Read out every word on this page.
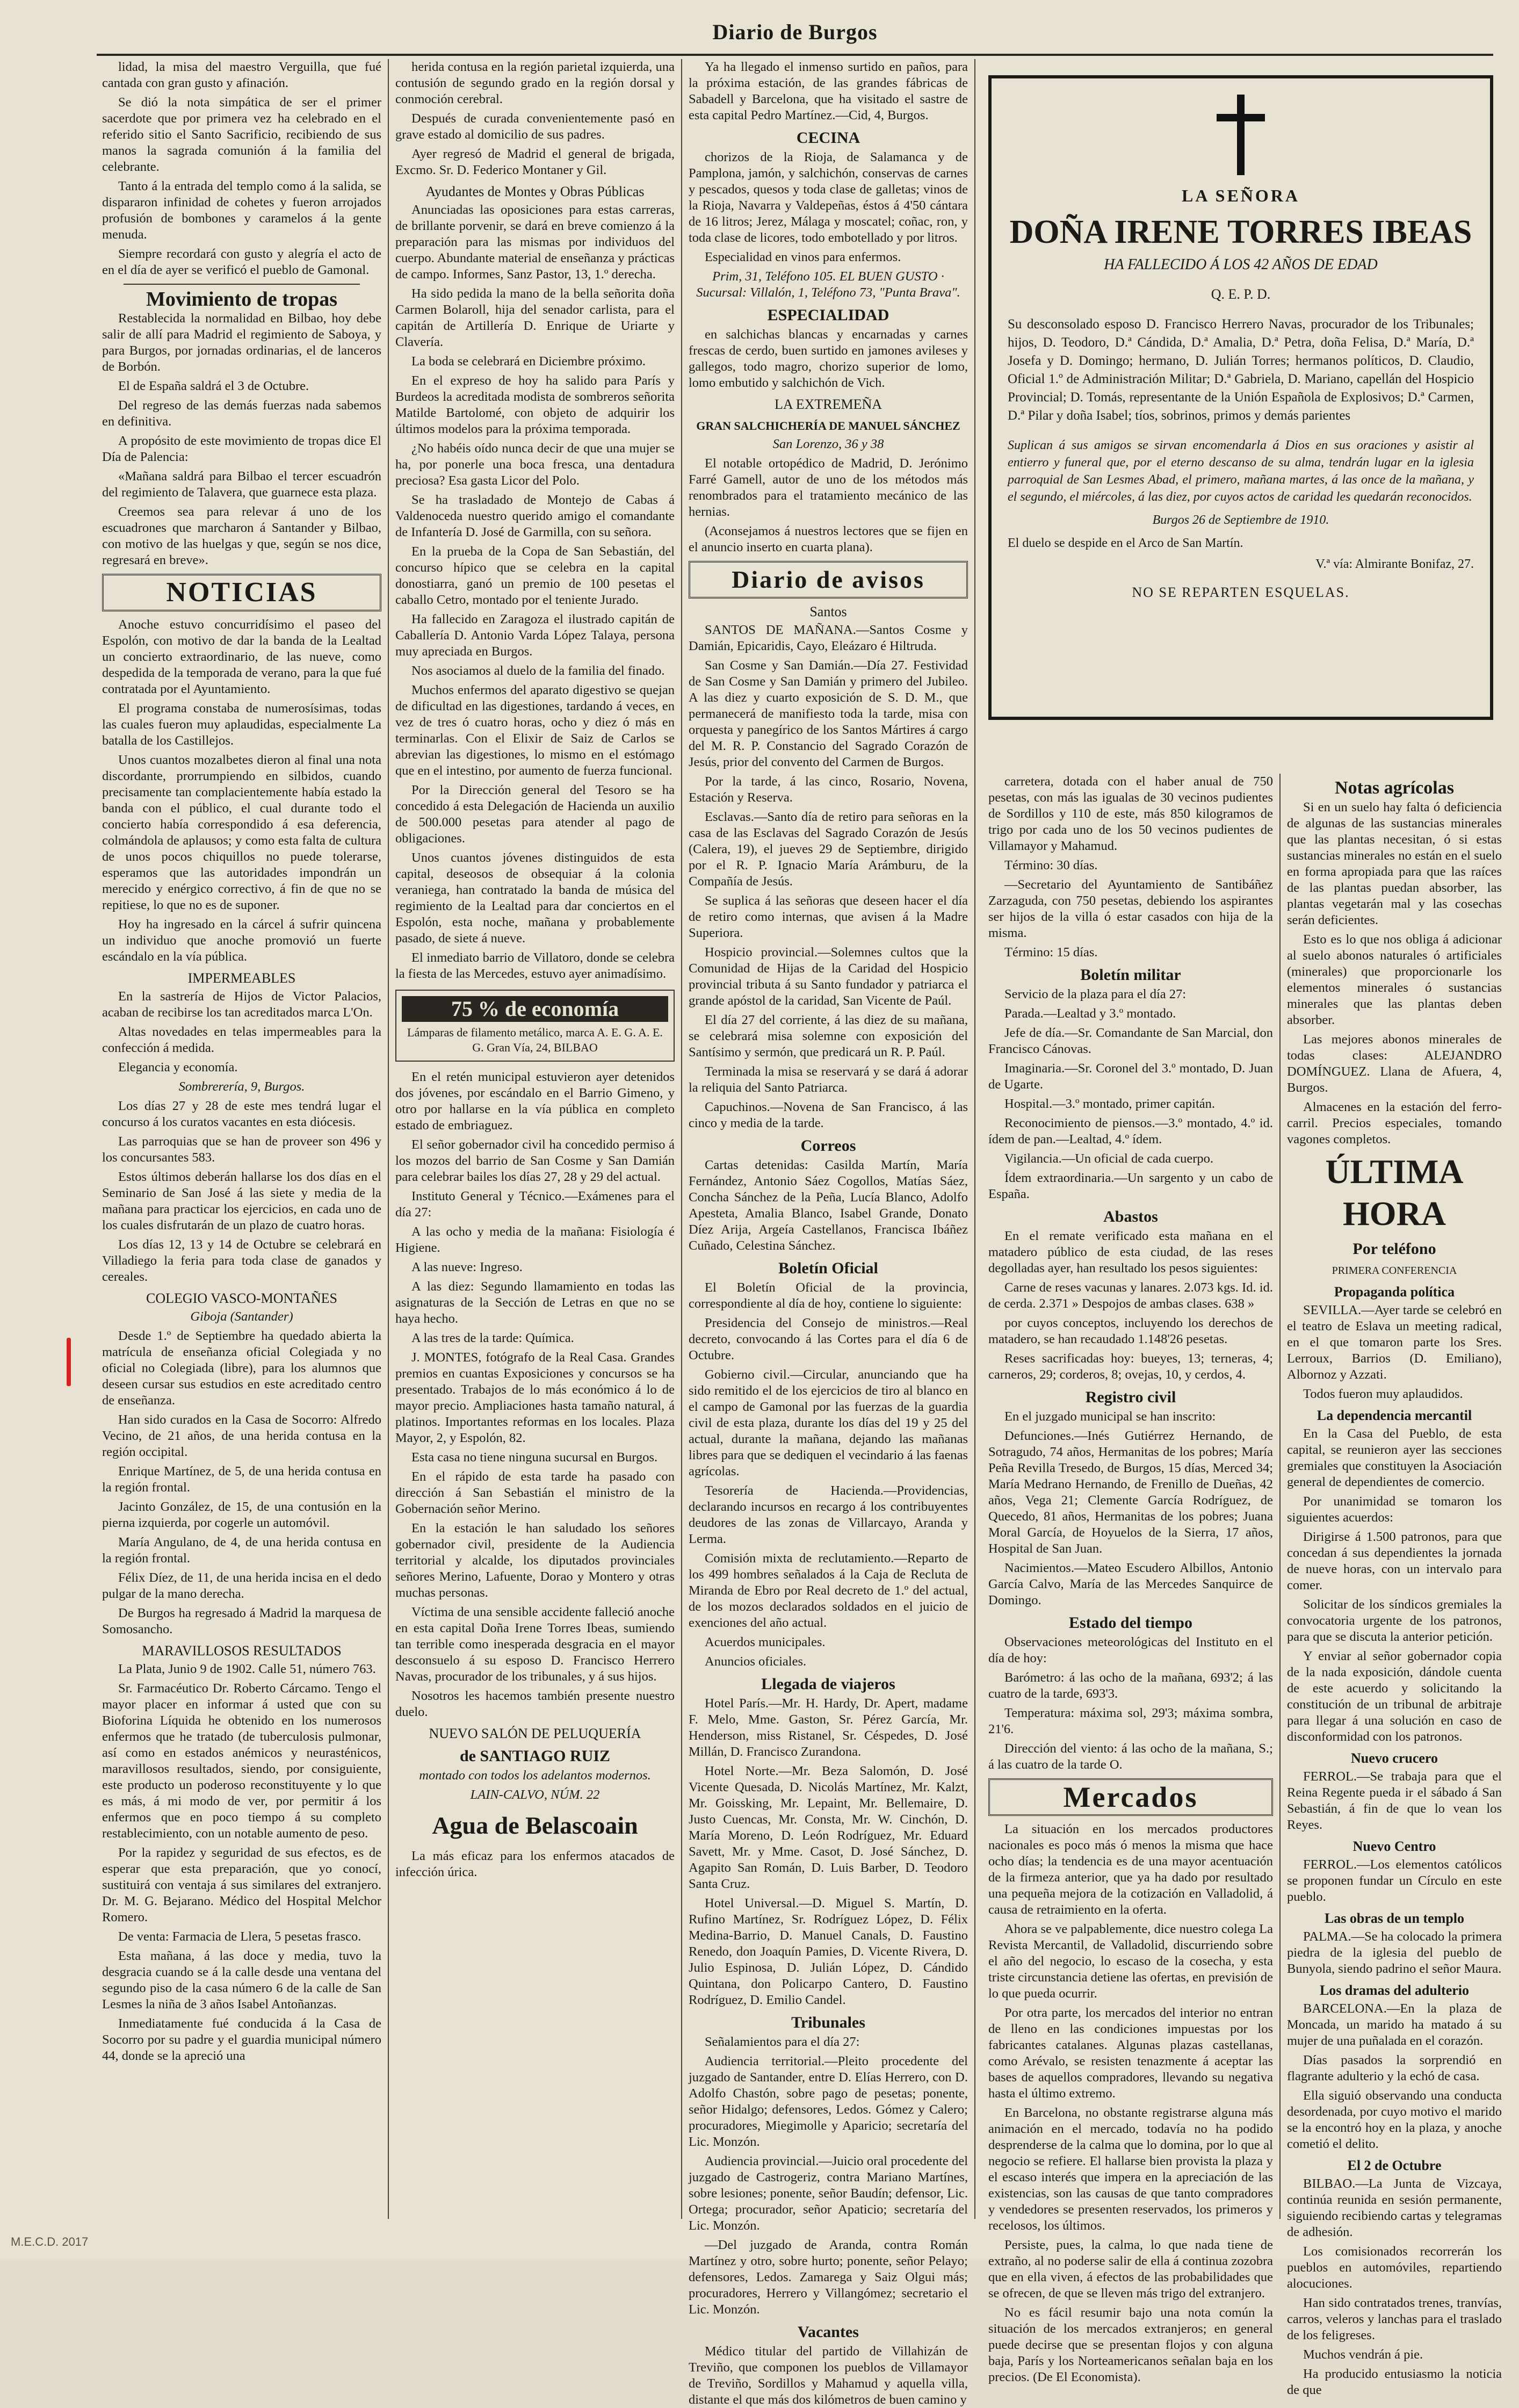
Diario de Burgos

lidad, la misa del maestro Verguilla, que fué cantada con gran gusto y afinación.

Se dió la nota simpática de ser el primer sacerdote que por primera vez ha celebrado en el referido sitio el Santo Sacrificio, recibiendo de sus manos la sagrada comunión á la familia del celebrante.

Tanto á la entrada del templo como á la salida, se dispararon infinidad de cohetes y fueron arrojados profusión de bombones y caramelos á la gente menuda.

Siempre recordará con gusto y alegría el acto de en el día de ayer se verificó el pueblo de Gamonal.

Movimiento de tropas

Restablecida la normalidad en Bilbao, hoy debe salir de allí para Madrid el regimiento de Saboya, y para Burgos, por jornadas ordinarias, el de lanceros de Borbón.

El de España saldrá el 3 de Octubre.

Del regreso de las demás fuerzas nada sabemos en definitiva.

A propósito de este movimiento de tropas dice El Día de Palencia:

«Mañana saldrá para Bilbao el tercer escuadrón del regimiento de Talavera, que guarnece esta plaza.

Creemos sea para relevar á uno de los escuadrones que marcharon á Santander y Bilbao, con motivo de las huelgas y que, según se nos dice, regresará en breve».

NOTICIAS

Anoche estuvo concurridísimo el paseo del Espolón, con motivo de dar la banda de la Lealtad un concierto extraordinario, de las nueve, como despedida de la temporada de verano, para la que fué contratada por el Ayuntamiento.

El programa constaba de numerosísimas, todas las cuales fueron muy aplaudidas, especialmente La batalla de los Castillejos.

Unos cuantos mozalbetes dieron al final una nota discordante, prorrumpiendo en silbidos, cuando precisamente tan complacientemente había estado la banda con el público, el cual durante todo el concierto había correspondido á esa deferencia, colmándola de aplausos; y como esta falta de cultura de unos pocos chiquillos no puede tolerarse, esperamos que las autoridades impondrán un merecido y enérgico correctivo, á fin de que no se repitiese, lo que no es de suponer.

Hoy ha ingresado en la cárcel á sufrir quincena un individuo que anoche promovió un fuerte escándalo en la vía pública.

IMPERMEABLES

En la sastrería de Hijos de Victor Palacios, acaban de recibirse los tan acreditados marca L'On.

Altas novedades en telas impermeables para la confección á medida.

Elegancia y economía.

Sombrerería, 9, Burgos.

Los días 27 y 28 de este mes tendrá lugar el concurso á los curatos vacantes en esta diócesis.

Las parroquias que se han de proveer son 496 y los concursantes 583.

Estos últimos deberán hallarse los dos días en el Seminario de San José á las siete y media de la mañana para practicar los ejercicios, en cada uno de los cuales disfrutarán de un plazo de cuatro horas.

Los días 12, 13 y 14 de Octubre se celebrará en Villadiego la feria para toda clase de ganados y cereales.

COLEGIO VASCO-MONTAÑES

Giboja (Santander)

Desde 1.º de Septiembre ha quedado abierta la matrícula de enseñanza oficial Colegiada y no oficial no Colegiada (libre), para los alumnos que deseen cursar sus estudios en este acreditado centro de enseñanza.

Han sido curados en la Casa de Socorro: Alfredo Vecino, de 21 años, de una herida contusa en la región occipital.

Enrique Martínez, de 5, de una herida contusa en la región frontal.

Jacinto González, de 15, de una contusión en la pierna izquierda, por cogerle un automóvil.

María Angulano, de 4, de una herida contusa en la región frontal.

Félix Díez, de 11, de una herida incisa en el dedo pulgar de la mano derecha.

De Burgos ha regresado á Madrid la marquesa de Somosancho.

MARAVILLOSOS RESULTADOS

La Plata, Junio 9 de 1902. Calle 51, número 763.

Sr. Farmacéutico Dr. Roberto Cárcamo. Tengo el mayor placer en informar á usted que con su Bioforina Líquida he obtenido en los numerosos enfermos que he tratado (de tuberculosis pulmonar, así como en estados anémicos y neurasténicos, maravillosos resultados, siendo, por consiguiente, este producto un poderoso reconstituyente y lo que es más, á mi modo de ver, por permitir á los enfermos que en poco tiempo á su completo restablecimiento, con un notable aumento de peso.

Por la rapidez y seguridad de sus efectos, es de esperar que esta preparación, que yo conocí, sustituirá con ventaja á sus similares del extranjero. Dr. M. G. Bejarano. Médico del Hospital Melchor Romero.

De venta: Farmacia de Llera, 5 pesetas frasco.

Esta mañana, á las doce y media, tuvo la desgracia cuando se á la calle desde una ventana del segundo piso de la casa número 6 de la calle de San Lesmes la niña de 3 años Isabel Antoñanzas.

Inmediatamente fué conducida á la Casa de Socorro por su padre y el guardia municipal número 44, donde se la apreció una

herida contusa en la región parietal izquierda, una contusión de segundo grado en la región dorsal y conmoción cerebral.

Después de curada convenientemente pasó en grave estado al domicilio de sus padres.

Ayer regresó de Madrid el general de brigada, Excmo. Sr. D. Federico Montaner y Gil.

Ayudantes de Montes y Obras Públicas

Anunciadas las oposiciones para estas carreras, de brillante porvenir, se dará en breve comienzo á la preparación para las mismas por individuos del cuerpo. Abundante material de enseñanza y prácticas de campo. Informes, Sanz Pastor, 13, 1.º derecha.

Ha sido pedida la mano de la bella señorita doña Carmen Bolaroll, hija del senador carlista, para el capitán de Artillería D. Enrique de Uriarte y Clavería.

La boda se celebrará en Diciembre próximo.

En el expreso de hoy ha salido para París y Burdeos la acreditada modista de sombreros señorita Matilde Bartolomé, con objeto de adquirir los últimos modelos para la próxima temporada.

¿No habéis oído nunca decir de que una mujer se ha, por ponerle una boca fresca, una dentadura preciosa? Esa gasta Licor del Polo.

Se ha trasladado de Montejo de Cabas á Valdenoceda nuestro querido amigo el comandante de Infantería D. José de Garmilla, con su señora.

En la prueba de la Copa de San Sebastián, del concurso hípico que se celebra en la capital donostiarra, ganó un premio de 100 pesetas el caballo Cetro, montado por el teniente Jurado.

Ha fallecido en Zaragoza el ilustrado capitán de Caballería D. Antonio Varda López Talaya, persona muy apreciada en Burgos.

Nos asociamos al duelo de la familia del finado.

Muchos enfermos del aparato digestivo se quejan de dificultad en las digestiones, tardando á veces, en vez de tres ó cuatro horas, ocho y diez ó más en terminarlas. Con el Elixir de Saiz de Carlos se abrevian las digestiones, lo mismo en el estómago que en el intestino, por aumento de fuerza funcional.

Por la Dirección general del Tesoro se ha concedido á esta Delegación de Hacienda un auxilio de 500.000 pesetas para atender al pago de obligaciones.

Unos cuantos jóvenes distinguidos de esta capital, deseosos de obsequiar á la colonia veraniega, han contratado la banda de música del regimiento de la Lealtad para dar conciertos en el Espolón, esta noche, mañana y probablemente pasado, de siete á nueve.

El inmediato barrio de Villatoro, donde se celebra la fiesta de las Mercedes, estuvo ayer animadísimo.

75 % de economía
Lámparas de filamento metálico, marca A. E. G. A. E. G. Gran Vía, 24, BILBAO

En el retén municipal estuvieron ayer detenidos dos jóvenes, por escándalo en el Barrio Gimeno, y otro por hallarse en la vía pública en completo estado de embriaguez.

El señor gobernador civil ha concedido permiso á los mozos del barrio de San Cosme y San Damián para celebrar bailes los días 27, 28 y 29 del actual.

Instituto General y Técnico.—Exámenes para el día 27:

A las ocho y media de la mañana: Fisiología é Higiene.

A las nueve: Ingreso.

A las diez: Segundo llamamiento en todas las asignaturas de la Sección de Letras en que no se haya hecho.

A las tres de la tarde: Química.

J. MONTES, fotógrafo de la Real Casa. Grandes premios en cuantas Exposiciones y concursos se ha presentado. Trabajos de lo más económico á lo de mayor precio. Ampliaciones hasta tamaño natural, á platinos. Importantes reformas en los locales. Plaza Mayor, 2, y Espolón, 82.

Esta casa no tiene ninguna sucursal en Burgos.

En el rápido de esta tarde ha pasado con dirección á San Sebastián el ministro de la Gobernación señor Merino.

En la estación le han saludado los señores gobernador civil, presidente de la Audiencia territorial y alcalde, los diputados provinciales señores Merino, Lafuente, Dorao y Montero y otras muchas personas.

Víctima de una sensible accidente falleció anoche en esta capital Doña Irene Torres Ibeas, sumiendo tan terrible como inesperada desgracia en el mayor desconsuelo á su esposo D. Francisco Herrero Navas, procurador de los tribunales, y á sus hijos.

Nosotros les hacemos también presente nuestro duelo.

NUEVO SALÓN DE PELUQUERÍA

de SANTIAGO RUIZ

montado con todos los adelantos modernos.

LAIN-CALVO, NÚM. 22

Agua de Belascoain

La más eficaz para los enfermos atacados de infección úrica.

Ya ha llegado el inmenso surtido en paños, para la próxima estación, de las grandes fábricas de Sabadell y Barcelona, que ha visitado el sastre de esta capital Pedro Martínez.—Cid, 4, Burgos.

CECINA

chorizos de la Rioja, de Salamanca y de Pamplona, jamón, y salchichón, conservas de carnes y pescados, quesos y toda clase de galletas; vinos de la Rioja, Navarra y Valdepeñas, éstos á 4'50 cántara de 16 litros; Jerez, Málaga y moscatel; coñac, ron, y toda clase de licores, todo embotellado y por litros.

Especialidad en vinos para enfermos.

Prim, 31, Teléfono 105. EL BUEN GUSTO · Sucursal: Villalón, 1, Teléfono 73, "Punta Brava".

ESPECIALIDAD

en salchichas blancas y encarnadas y carnes frescas de cerdo, buen surtido en jamones avileses y gallegos, todo magro, chorizo superior de lomo, lomo embutido y salchichón de Vich.

LA EXTREMEÑA

GRAN SALCHICHERÍA DE MANUEL SÁNCHEZ

San Lorenzo, 36 y 38

El notable ortopédico de Madrid, D. Jerónimo Farré Gamell, autor de uno de los métodos más renombrados para el tratamiento mecánico de las hernias.

(Aconsejamos á nuestros lectores que se fijen en el anuncio inserto en cuarta plana).

Diario de avisos

Santos

SANTOS DE MAÑANA.—Santos Cosme y Damián, Epicaridis, Cayo, Eleázaro é Hiltruda.

San Cosme y San Damián.—Día 27. Festividad de San Cosme y San Damián y primero del Jubileo. A las diez y cuarto exposición de S. D. M., que permanecerá de manifiesto toda la tarde, misa con orquesta y panegírico de los Santos Mártires á cargo del M. R. P. Constancio del Sagrado Corazón de Jesús, prior del convento del Carmen de Burgos.

Por la tarde, á las cinco, Rosario, Novena, Estación y Reserva.

Esclavas.—Santo día de retiro para señoras en la casa de las Esclavas del Sagrado Corazón de Jesús (Calera, 19), el jueves 29 de Septiembre, dirigido por el R. P. Ignacio María Arámburu, de la Compañía de Jesús.

Se suplica á las señoras que deseen hacer el día de retiro como internas, que avisen á la Madre Superiora.

Hospicio provincial.—Solemnes cultos que la Comunidad de Hijas de la Caridad del Hospicio provincial tributa á su Santo fundador y patriarca el grande apóstol de la caridad, San Vicente de Paúl.

El día 27 del corriente, á las diez de su mañana, se celebrará misa solemne con exposición del Santísimo y sermón, que predicará un R. P. Paúl.

Terminada la misa se reservará y se dará á adorar la reliquia del Santo Patriarca.

Capuchinos.—Novena de San Francisco, á las cinco y media de la tarde.

Correos

Cartas detenidas: Casilda Martín, María Fernández, Antonio Sáez Cogollos, Matías Sáez, Concha Sánchez de la Peña, Lucía Blanco, Adolfo Apesteta, Amalia Blanco, Isabel Grande, Donato Díez Arija, Argeía Castellanos, Francisca Ibáñez Cuñado, Celestina Sánchez.

Boletín Oficial

El Boletín Oficial de la provincia, correspondiente al día de hoy, contiene lo siguiente:

Presidencia del Consejo de ministros.—Real decreto, convocando á las Cortes para el día 6 de Octubre.

Gobierno civil.—Circular, anunciando que ha sido remitido el de los ejercicios de tiro al blanco en el campo de Gamonal por las fuerzas de la guardia civil de esta plaza, durante los días del 19 y 25 del actual, durante la mañana, dejando las mañanas libres para que se dediquen el vecindario á las faenas agrícolas.

Tesorería de Hacienda.—Providencias, declarando incursos en recargo á los contribuyentes deudores de las zonas de Villarcayo, Aranda y Lerma.

Comisión mixta de reclutamiento.—Reparto de los 499 hombres señalados á la Caja de Recluta de Miranda de Ebro por Real decreto de 1.º del actual, de los mozos declarados soldados en el juicio de exenciones del año actual.

Acuerdos municipales.

Anuncios oficiales.

Llegada de viajeros

Hotel París.—Mr. H. Hardy, Dr. Apert, madame F. Melo, Mme. Gaston, Sr. Pérez García, Mr. Henderson, miss Ristanel, Sr. Céspedes, D. José Millán, D. Francisco Zurandona.

Hotel Norte.—Mr. Beza Salomón, D. José Vicente Quesada, D. Nicolás Martínez, Mr. Kalzt, Mr. Goissking, Mr. Lepaint, Mr. Bellemaire, D. Justo Cuencas, Mr. Consta, Mr. W. Cinchón, D. María Moreno, D. León Rodríguez, Mr. Eduard Savett, Mr. y Mme. Casot, D. José Sánchez, D. Agapito San Román, D. Luis Barber, D. Teodoro Santa Cruz.

Hotel Universal.—D. Miguel S. Martín, D. Rufino Martínez, Sr. Rodríguez López, D. Félix Medina-Barrio, D. Manuel Canals, D. Faustino Renedo, don Joaquín Pamies, D. Vicente Rivera, D. Julio Espinosa, D. Julián López, D. Cándido Quintana, don Policarpo Cantero, D. Faustino Rodríguez, D. Emilio Candel.

Tribunales

Señalamientos para el día 27:

Audiencia territorial.—Pleito procedente del juzgado de Santander, entre D. Elías Herrero, con D. Adolfo Chastón, sobre pago de pesetas; ponente, señor Hidalgo; defensores, Ledos. Gómez y Calero; procuradores, Miegimolle y Aparicio; secretaría del Lic. Monzón.

Audiencia provincial.—Juicio oral procedente del juzgado de Castrogeriz, contra Mariano Martínes, sobre lesiones; ponente, señor Baudín; defensor, Lic. Ortega; procurador, señor Apaticio; secretaría del Lic. Monzón.

—Del juzgado de Aranda, contra Román Martínez y otro, sobre hurto; ponente, señor Pelayo; defensores, Ledos. Zamarega y Saiz Olgui más; procuradores, Herrero y Villangómez; secretario el Lic. Monzón.

Vacantes

Médico titular del partido de Villahizán de Treviño, que componen los pueblos de Villamayor de Treviño, Sordillos y Mahamud y aquella villa, distante el que más dos kilómetros de buen camino y

LA SEÑORA
DOÑA IRENE TORRES IBEAS
HA FALLECIDO Á LOS 42 AÑOS DE EDAD
Q. E. P. D.
Su desconsolado esposo D. Francisco Herrero Navas, procurador de los Tribunales; hijos, D. Teodoro, D.ª Cándida, D.ª Amalia, D.ª Petra, doña Felisa, D.ª María, D.ª Josefa y D. Domingo; hermano, D. Julián Torres; hermanos políticos, D. Claudio, Oficial 1.º de Administración Militar; D.ª Gabriela, D. Mariano, capellán del Hospicio Provincial; D. Tomás, representante de la Unión Española de Explosivos; D.ª Carmen, D.ª Pilar y doña Isabel; tíos, sobrinos, primos y demás parientes
Suplican á sus amigos se sirvan encomendarla á Dios en sus oraciones y asistir al entierro y funeral que, por el eterno descanso de su alma, tendrán lugar en la iglesia parroquial de San Lesmes Abad, el primero, mañana martes, á las once de la mañana, y el segundo, el miércoles, á las diez, por cuyos actos de caridad les quedarán reconocidos.
Burgos 26 de Septiembre de 1910.
El duelo se despide en el Arco de San Martín.
V.ª vía: Almirante Bonifaz, 27.
NO SE REPARTEN ESQUELAS.

carretera, dotada con el haber anual de 750 pesetas, con más las igualas de 30 vecinos pudientes de Sordillos y 110 de este, más 850 kilogramos de trigo por cada uno de los 50 vecinos pudientes de Villamayor y Mahamud.

Término: 30 días.

—Secretario del Ayuntamiento de Santibáñez Zarzaguda, con 750 pesetas, debiendo los aspirantes ser hijos de la villa ó estar casados con hija de la misma.

Término: 15 días.

Boletín militar

Servicio de la plaza para el día 27:

Parada.—Lealtad y 3.º montado.

Jefe de día.—Sr. Comandante de San Marcial, don Francisco Cánovas.

Imaginaria.—Sr. Coronel del 3.º montado, D. Juan de Ugarte.

Hospital.—3.º montado, primer capitán.

Reconocimiento de piensos.—3.º montado, 4.º id. ídem de pan.—Lealtad, 4.º ídem.

Vigilancia.—Un oficial de cada cuerpo.

Ídem extraordinaria.—Un sargento y un cabo de España.

Abastos

En el remate verificado esta mañana en el matadero público de esta ciudad, de las reses degolladas ayer, han resultado los pesos siguientes:

Carne de reses vacunas y lanares. 2.073 kgs. Id. id. de cerda. 2.371 » Despojos de ambas clases. 638 »

por cuyos conceptos, incluyendo los derechos de matadero, se han recaudado 1.148'26 pesetas.

Reses sacrificadas hoy: bueyes, 13; terneras, 4; carneros, 29; corderos, 8; ovejas, 10, y cerdos, 4.

Registro civil

En el juzgado municipal se han inscrito:

Defunciones.—Inés Gutiérrez Hernando, de Sotragudo, 74 años, Hermanitas de los pobres; María Peña Revilla Tresedo, de Burgos, 15 días, Merced 34; María Medrano Hernando, de Frenillo de Dueñas, 42 años, Vega 21; Clemente García Rodríguez, de Quecedo, 81 años, Hermanitas de los pobres; Juana Moral García, de Hoyuelos de la Sierra, 17 años, Hospital de San Juan.

Nacimientos.—Mateo Escudero Albillos, Antonio García Calvo, María de las Mercedes Sanquirce de Domingo.

Estado del tiempo

Observaciones meteorológicas del Instituto en el día de hoy:

Barómetro: á las ocho de la mañana, 693'2; á las cuatro de la tarde, 693'3.

Temperatura: máxima sol, 29'3; máxima sombra, 21'6.

Dirección del viento: á las ocho de la mañana, S.; á las cuatro de la tarde O.

Mercados

La situación en los mercados productores nacionales es poco más ó menos la misma que hace ocho días; la tendencia es de una mayor acentuación de la firmeza anterior, que ya ha dado por resultado una pequeña mejora de la cotización en Valladolid, á causa de retraimiento en la oferta.

Ahora se ve palpablemente, dice nuestro colega La Revista Mercantil, de Valladolid, discurriendo sobre el año del negocio, lo escaso de la cosecha, y esta triste circunstancia detiene las ofertas, en previsión de lo que pueda ocurrir.

Por otra parte, los mercados del interior no entran de lleno en las condiciones impuestas por los fabricantes catalanes. Algunas plazas castellanas, como Arévalo, se resisten tenazmente á aceptar las bases de aquellos compradores, llevando su negativa hasta el último extremo.

En Barcelona, no obstante registrarse alguna más animación en el mercado, todavía no ha podido desprenderse de la calma que lo domina, por lo que al negocio se refiere. El hallarse bien provista la plaza y el escaso interés que impera en la apreciación de las existencias, son las causas de que tanto compradores y vendedores se presenten reservados, los primeros y recelosos, los últimos.

Persiste, pues, la calma, lo que nada tiene de extraño, al no poderse salir de ella á continua zozobra que en ella viven, á efectos de las probabilidades que se ofrecen, de que se lleven más trigo del extranjero.

No es fácil resumir bajo una nota común la situación de los mercados extranjeros; en general puede decirse que se presentan flojos y con alguna baja, París y los Norteamericanos señalan baja en los precios. (De El Economista).

Notas agrícolas

Si en un suelo hay falta ó deficiencia de algunas de las sustancias minerales que las plantas necesitan, ó si estas sustancias minerales no están en el suelo en forma apropiada para que las raíces de las plantas puedan absorber, las plantas vegetarán mal y las cosechas serán deficientes.

Esto es lo que nos obliga á adicionar al suelo abonos naturales ó artificiales (minerales) que proporcionarle los elementos minerales ó sustancias minerales que las plantas deben absorber.

Las mejores abonos minerales de todas clases: ALEJANDRO DOMÍNGUEZ. Llana de Afuera, 4, Burgos.

Almacenes en la estación del ferro-carril. Precios especiales, tomando vagones completos.

ÚLTIMA HORA

Por teléfono

PRIMERA CONFERENCIA

Propaganda política

SEVILLA.—Ayer tarde se celebró en el teatro de Eslava un meeting radical, en el que tomaron parte los Sres. Lerroux, Barrios (D. Emiliano), Albornoz y Azzati.

Todos fueron muy aplaudidos.

La dependencia mercantil

En la Casa del Pueblo, de esta capital, se reunieron ayer las secciones gremiales que constituyen la Asociación general de dependientes de comercio.

Por unanimidad se tomaron los siguientes acuerdos:

Dirigirse á 1.500 patronos, para que concedan á sus dependientes la jornada de nueve horas, con un intervalo para comer.

Solicitar de los síndicos gremiales la convocatoria urgente de los patronos, para que se discuta la anterior petición.

Y enviar al señor gobernador copia de la nada exposición, dándole cuenta de este acuerdo y solicitando la constitución de un tribunal de arbitraje para llegar á una solución en caso de disconformidad con los patronos.

Nuevo crucero

FERROL.—Se trabaja para que el Reina Regente pueda ir el sábado á San Sebastián, á fin de que lo vean los Reyes.

Nuevo Centro

FERROL.—Los elementos católicos se proponen fundar un Círculo en este pueblo.

Las obras de un templo

PALMA.—Se ha colocado la primera piedra de la iglesia del pueblo de Bunyola, siendo padrino el señor Maura.

Los dramas del adulterio

BARCELONA.—En la plaza de Moncada, un marido ha matado á su mujer de una puñalada en el corazón.

Días pasados la sorprendió en flagrante adulterio y la echó de casa.

Ella siguió observando una conducta desordenada, por cuyo motivo el marido se la encontró hoy en la plaza, y anoche cometió el delito.

El 2 de Octubre

BILBAO.—La Junta de Vizcaya, continúa reunida en sesión permanente, siguiendo recibiendo cartas y telegramas de adhesión.

Los comisionados recorrerán los pueblos en automóviles, repartiendo alocuciones.

Han sido contratados trenes, tranvías, carros, veleros y lanchas para el traslado de los feligreses.

Muchos vendrán á pie.

Ha producido entusiasmo la noticia de que

M.E.C.D. 2017
